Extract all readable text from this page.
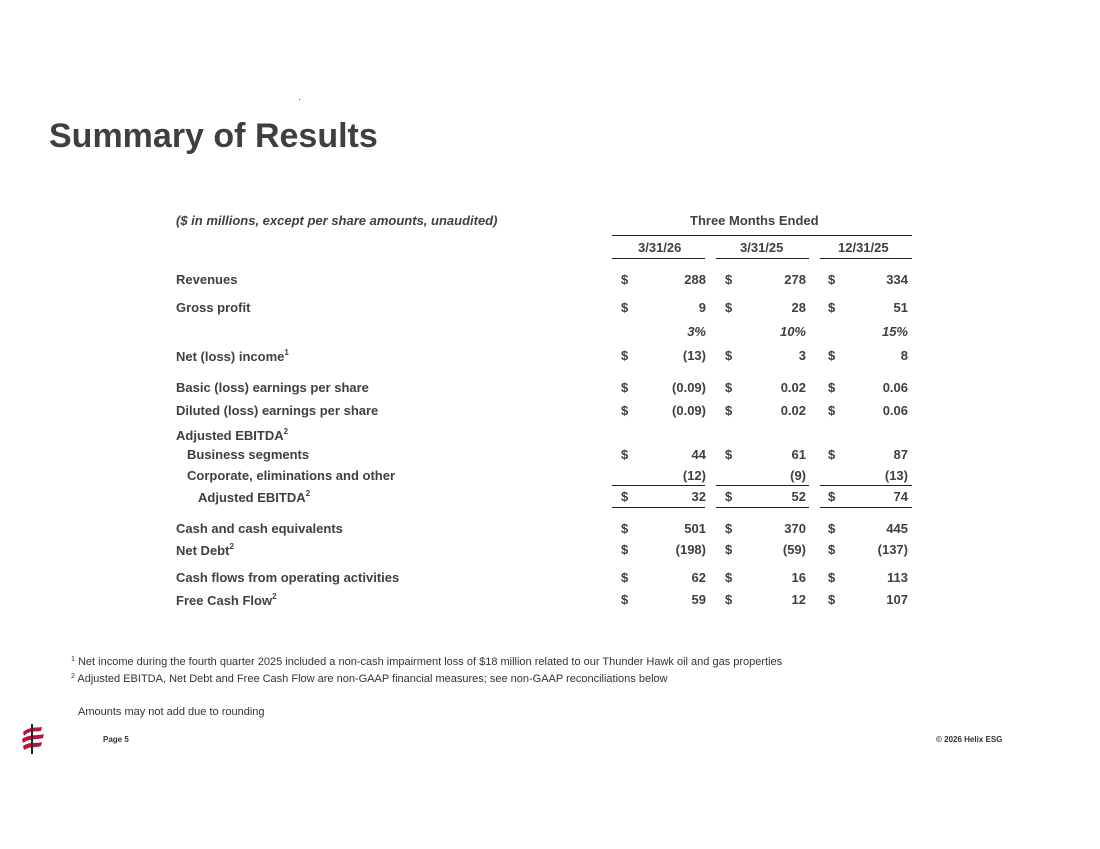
Summary of Results
($ in millions, except per share amounts, unaudited)	Three Months Ended
3/31/26	3/31/25	12/31/25
Revenues	$	288 $	278 $	334
Gross profit	$	9 $	28 $	51
3%	10%	15%
Net (loss) income$^1$	$	(13) $	3 $	8
Basic (loss) earnings per share	$	(0.09) $	0.02 $	0.06
Diluted (loss) earnings per share	$	(0.09) $	0.02 $	0.06
Adjusted EBITDA$^2$
Business segments	$	44 $	61 $	87
Corporate, eliminations and other	(12)	(9)	(13)
Adjusted EBITDA$^2$	$	32 $	52 $	74
Cash and cash equivalents	$	501 $	370 $	445
Net Debt$^2$	$	(198) $	(59) $	(137)
Cash flows from operating activities	$	62 $	16 $	113
Free Cash Flow$^2$	$	59 $	12 $	107
$^1$ Net income during the fourth quarter 2025 included a non-cash impairment loss of $18 million related to our Thunder Hawk oil and gas properties
$^2$ Adjusted EBITDA, Net Debt and Free Cash Flow are non-GAAP financial measures; see non-GAAP reconciliations below
Amounts may not add due to rounding
Page 5	© 2026 Helix ESG
